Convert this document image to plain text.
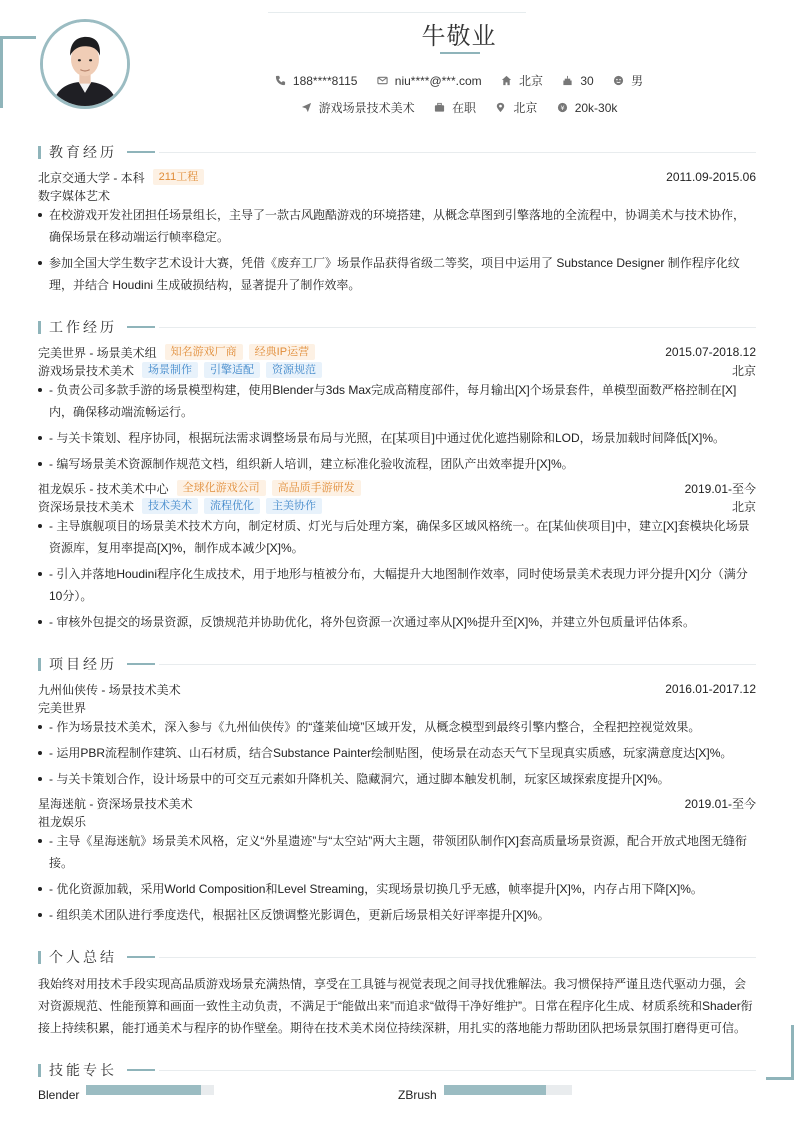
牛敬业
188****8115
	niu****@***.com
	北京
	30
	男
游戏场景技术美术
	在职
	北京
	¥ 20k-30k
教育经历
北京交通大学 - 本科	211工程	2011.09-2015.06
数字媒体艺术
在校游戏开发社团担任场景组长，主导了一款古风跑酷游戏的环境搭建，从概念草图到引擎落地的全流程中，协调美术与技术协作，确保场景在移动端运行帧率稳定。
参加全国大学生数字艺术设计大赛，凭借《废弃工厂》场景作品获得省级二等奖，项目中运用了 Substance Designer 制作程序化纹理，并结合 Houdini 生成破损结构，显著提升了制作效率。
工作经历
完美世界 - 场景美术组	知名游戏厂商	经典IP运营	2015.07-2018.12
游戏场景技术美术	场景制作	引擎适配	资源规范	北京
- 负责公司多款手游的场景模型构建，使用Blender与3ds Max完成高精度部件，每月输出[X]个场景套件，单模型面数严格控制在[X]内，确保移动端流畅运行。
- 与关卡策划、程序协同，根据玩法需求调整场景布局与光照，在[某项目]中通过优化遮挡剔除和LOD，场景加载时间降低[X]%。
- 编写场景美术资源制作规范文档，组织新人培训，建立标准化验收流程，团队产出效率提升[X]%。
祖龙娱乐 - 技术美术中心	全球化游戏公司	高品质手游研发	2019.01-至今
资深场景技术美术	技术美术	流程优化	主美协作	北京
- 主导旗舰项目的场景美术技术方向，制定材质、灯光与后处理方案，确保多区域风格统一。在[某仙侠项目]中，建立[X]套模块化场景资源库，复用率提高[X]%，制作成本减少[X]%。
- 引入并落地Houdini程序化生成技术，用于地形与植被分布，大幅提升大地图制作效率，同时使场景美术表现力评分提升[X]分（满分10分）。
- 审核外包提交的场景资源，反馈规范并协助优化，将外包资源一次通过率从[X]%提升至[X]%，并建立外包质量评估体系。
项目经历
九州仙侠传 - 场景技术美术	2016.01-2017.12
完美世界
- 作为场景技术美术，深入参与《九州仙侠传》的“蓬莱仙境”区域开发，从概念模型到最终引擎内整合，全程把控视觉效果。
- 运用PBR流程制作建筑、山石材质，结合Substance Painter绘制贴图，使场景在动态天气下呈现真实质感，玩家满意度达[X]%。
- 与关卡策划合作，设计场景中的可交互元素如升降机关、隐藏洞穴，通过脚本触发机制，玩家区域探索度提升[X]%。
星海迷航 - 资深场景技术美术	2019.01-至今
祖龙娱乐
- 主导《星海迷航》场景美术风格，定义“外星遗迹”与“太空站”两大主题，带领团队制作[X]套高质量场景资源，配合开放式地图无缝衔接。
- 优化资源加载，采用World Composition和Level Streaming，实现场景切换几乎无感，帧率提升[X]%，内存占用下降[X]%。
- 组织美术团队进行季度迭代，根据社区反馈调整光影调色，更新后场景相关好评率提升[X]%。
个人总结

我始终对用技术手段实现高品质游戏场景充满热情，享受在工具链与视觉表现之间寻找优雅解法。我习惯保持严谨且迭代驱动力强，会对资源规范、性能预算和画面一致性主动负责，不满足于“能做出来”而追求“做得干净好维护”。日常在程序化生成、材质系统和Shader衔接上持续积累，能打通美术与程序的协作壁垒。期待在技术美术岗位持续深耕，用扎实的落地能力帮助团队把场景氛围打磨得更可信。

技能专长
Blender	ZBrush
